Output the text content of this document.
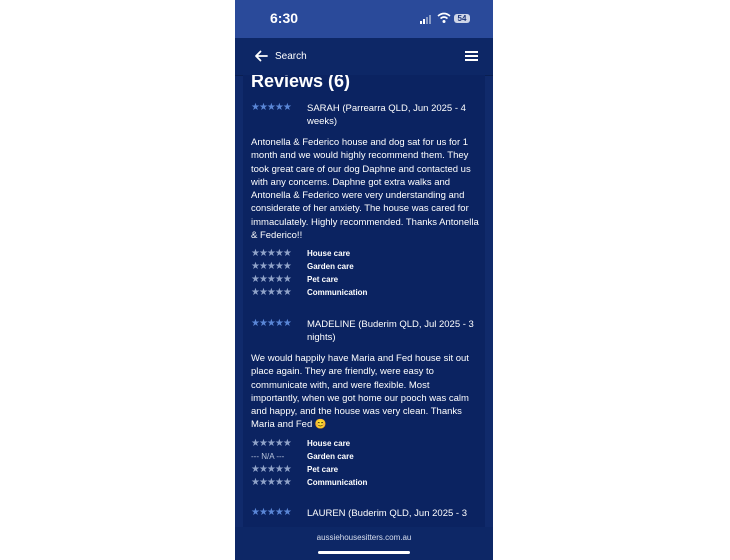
6:30	54
Search
Reviews (6)
★★★★★ SARAH (Parrearra QLD, Jun 2025 - 4 weeks)
Antonella & Federico house and dog sat for us for 1 month and we would highly recommend them. They took great care of our dog Daphne and contacted us with any concerns. Daphne got extra walks and Antonella & Federico were very understanding and considerate of her anxiety. The house was cared for immaculately. Highly recommended. Thanks Antonella & Federico!!
★★★★★ House care
★★★★★ Garden care
★★★★★ Pet care
★★★★★ Communication
★★★★★ MADELINE (Buderim QLD, Jul 2025 - 3 nights)
We would happily have Maria and Fed house sit out place again. They are friendly, were easy to communicate with, and were flexible. Most importantly, when we got home our pooch was calm and happy, and the house was very clean. Thanks Maria and Fed 😊
★★★★★ House care
--- N/A ---	Garden care
★★★★★ Pet care
★★★★★ Communication
★★★★★ LAUREN (Buderim QLD, Jun 2025 - 3
aussiehousesitters.com.au
